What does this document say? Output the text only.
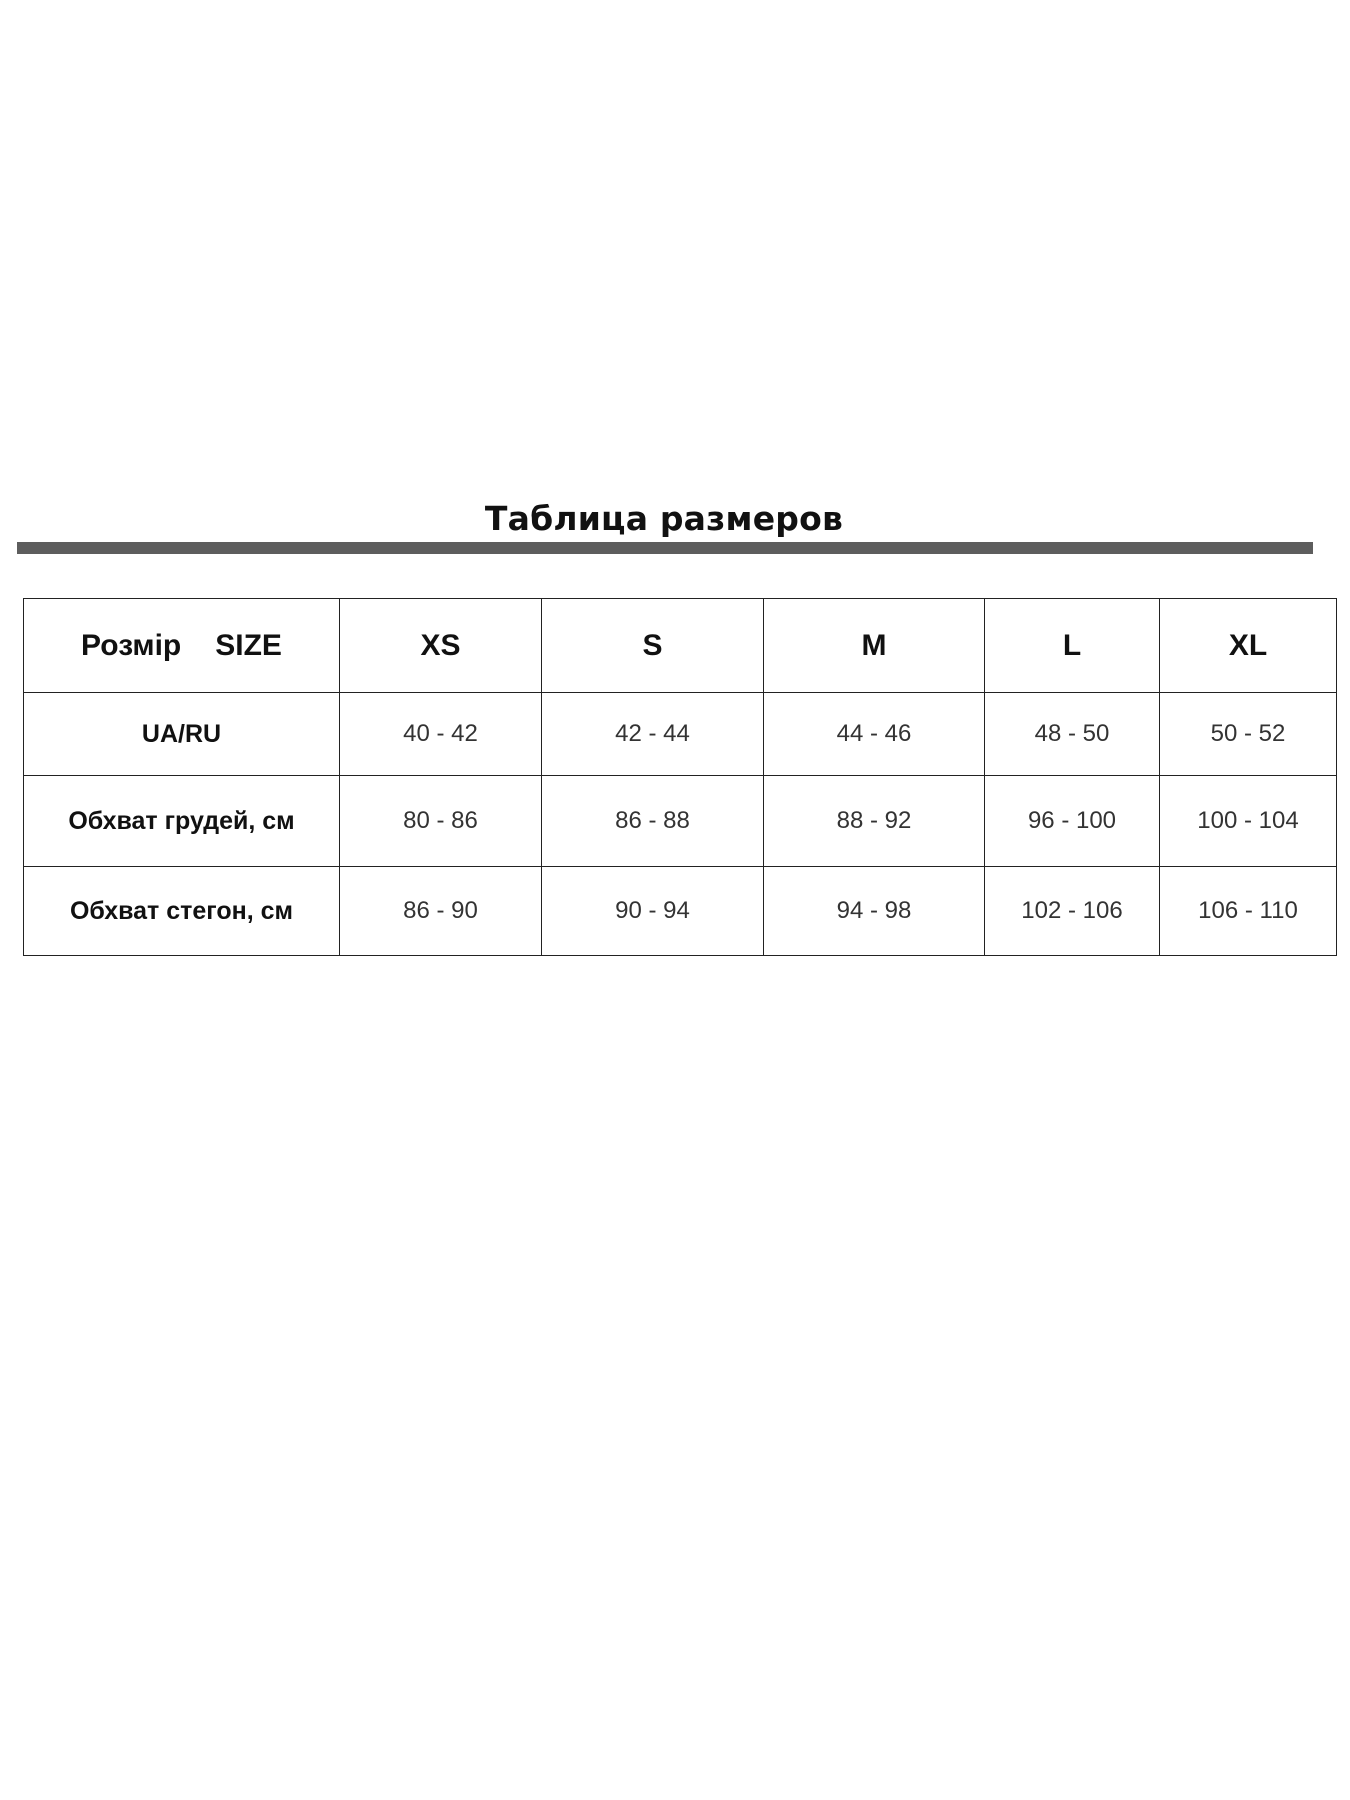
Таблица размеров
Розмір SIZE	XS	S	M	L	XL
UA/RU	40 - 42	42 - 44	44 - 46	48 - 50	50 - 52
Обхват грудей, см	80 - 86	86 - 88	88 - 92	96 - 100	100 - 104
Обхват стегон, см	86 - 90	90 - 94	94 - 98	102 - 106	106 - 110
